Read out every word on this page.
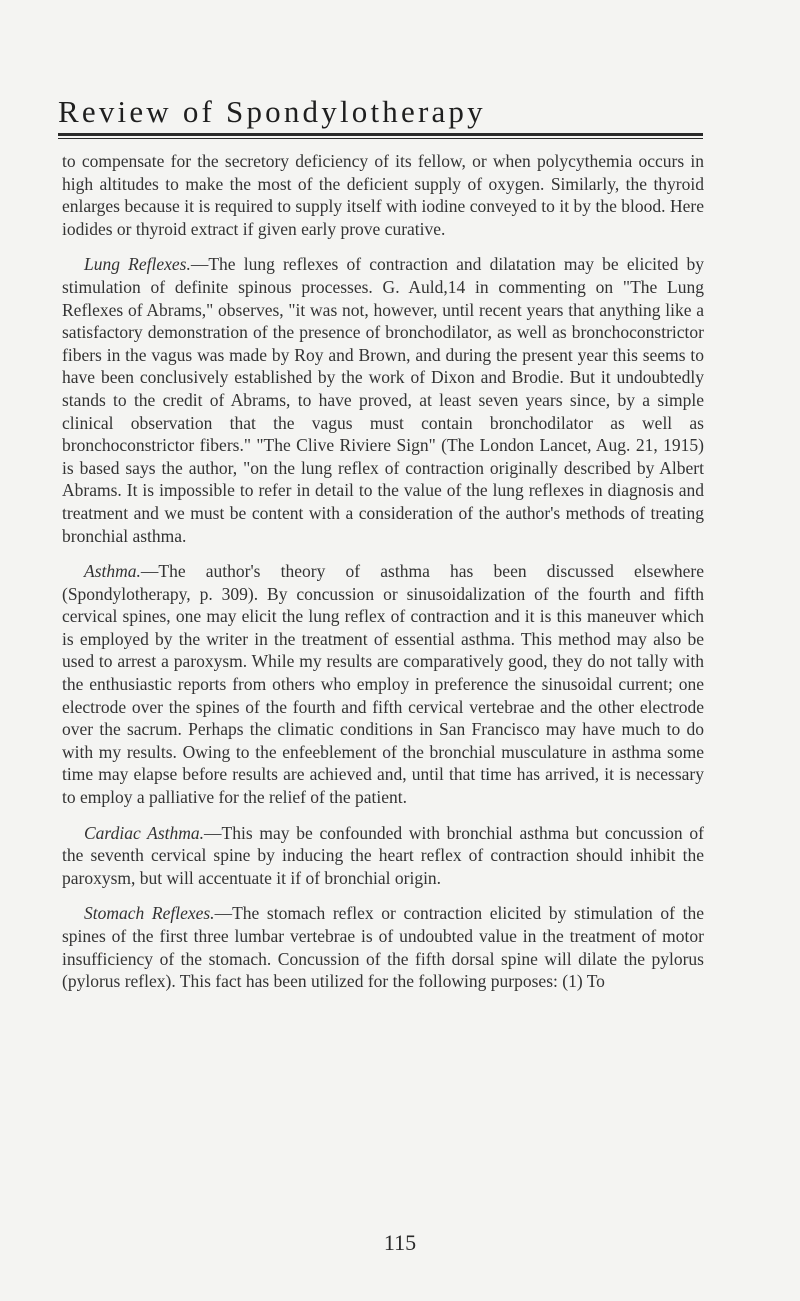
Review of Spondylotherapy

to compensate for the secretory deficiency of its fellow, or when polycythemia occurs in high altitudes to make the most of the deficient supply of oxygen. Similarly, the thyroid enlarges because it is required to supply itself with iodine conveyed to it by the blood. Here iodides or thyroid extract if given early prove curative.

Lung Reflexes.—The lung reflexes of contraction and dilatation may be elicited by stimulation of definite spinous processes. G. Auld,14 in commenting on "The Lung Reflexes of Abrams," observes, "it was not, however, until recent years that anything like a satisfactory demonstration of the presence of bronchodilator, as well as bronchoconstrictor fibers in the vagus was made by Roy and Brown, and during the present year this seems to have been conclusively established by the work of Dixon and Brodie. But it undoubtedly stands to the credit of Abrams, to have proved, at least seven years since, by a simple clinical observation that the vagus must contain bronchodilator as well as bronchoconstrictor fibers." "The Clive Riviere Sign" (The London Lancet, Aug. 21, 1915) is based says the author, "on the lung reflex of contraction originally described by Albert Abrams. It is impossible to refer in detail to the value of the lung reflexes in diagnosis and treatment and we must be content with a consideration of the author's methods of treating bronchial asthma.

Asthma.—The author's theory of asthma has been discussed elsewhere (Spondylotherapy, p. 309). By concussion or sinusoidalization of the fourth and fifth cervical spines, one may elicit the lung reflex of contraction and it is this maneuver which is employed by the writer in the treatment of essential asthma. This method may also be used to arrest a paroxysm. While my results are comparatively good, they do not tally with the enthusiastic reports from others who employ in preference the sinusoidal current; one electrode over the spines of the fourth and fifth cervical vertebrae and the other electrode over the sacrum. Perhaps the climatic conditions in San Francisco may have much to do with my results. Owing to the enfeeblement of the bronchial musculature in asthma some time may elapse before results are achieved and, until that time has arrived, it is necessary to employ a palliative for the relief of the patient.

Cardiac Asthma.—This may be confounded with bronchial asthma but concussion of the seventh cervical spine by inducing the heart reflex of contraction should inhibit the paroxysm, but will accentuate it if of bronchial origin.

Stomach Reflexes.—The stomach reflex or contraction elicited by stimulation of the spines of the first three lumbar vertebrae is of undoubted value in the treatment of motor insufficiency of the stomach. Concussion of the fifth dorsal spine will dilate the pylorus (pylorus reflex). This fact has been utilized for the following purposes: (1) To

115
